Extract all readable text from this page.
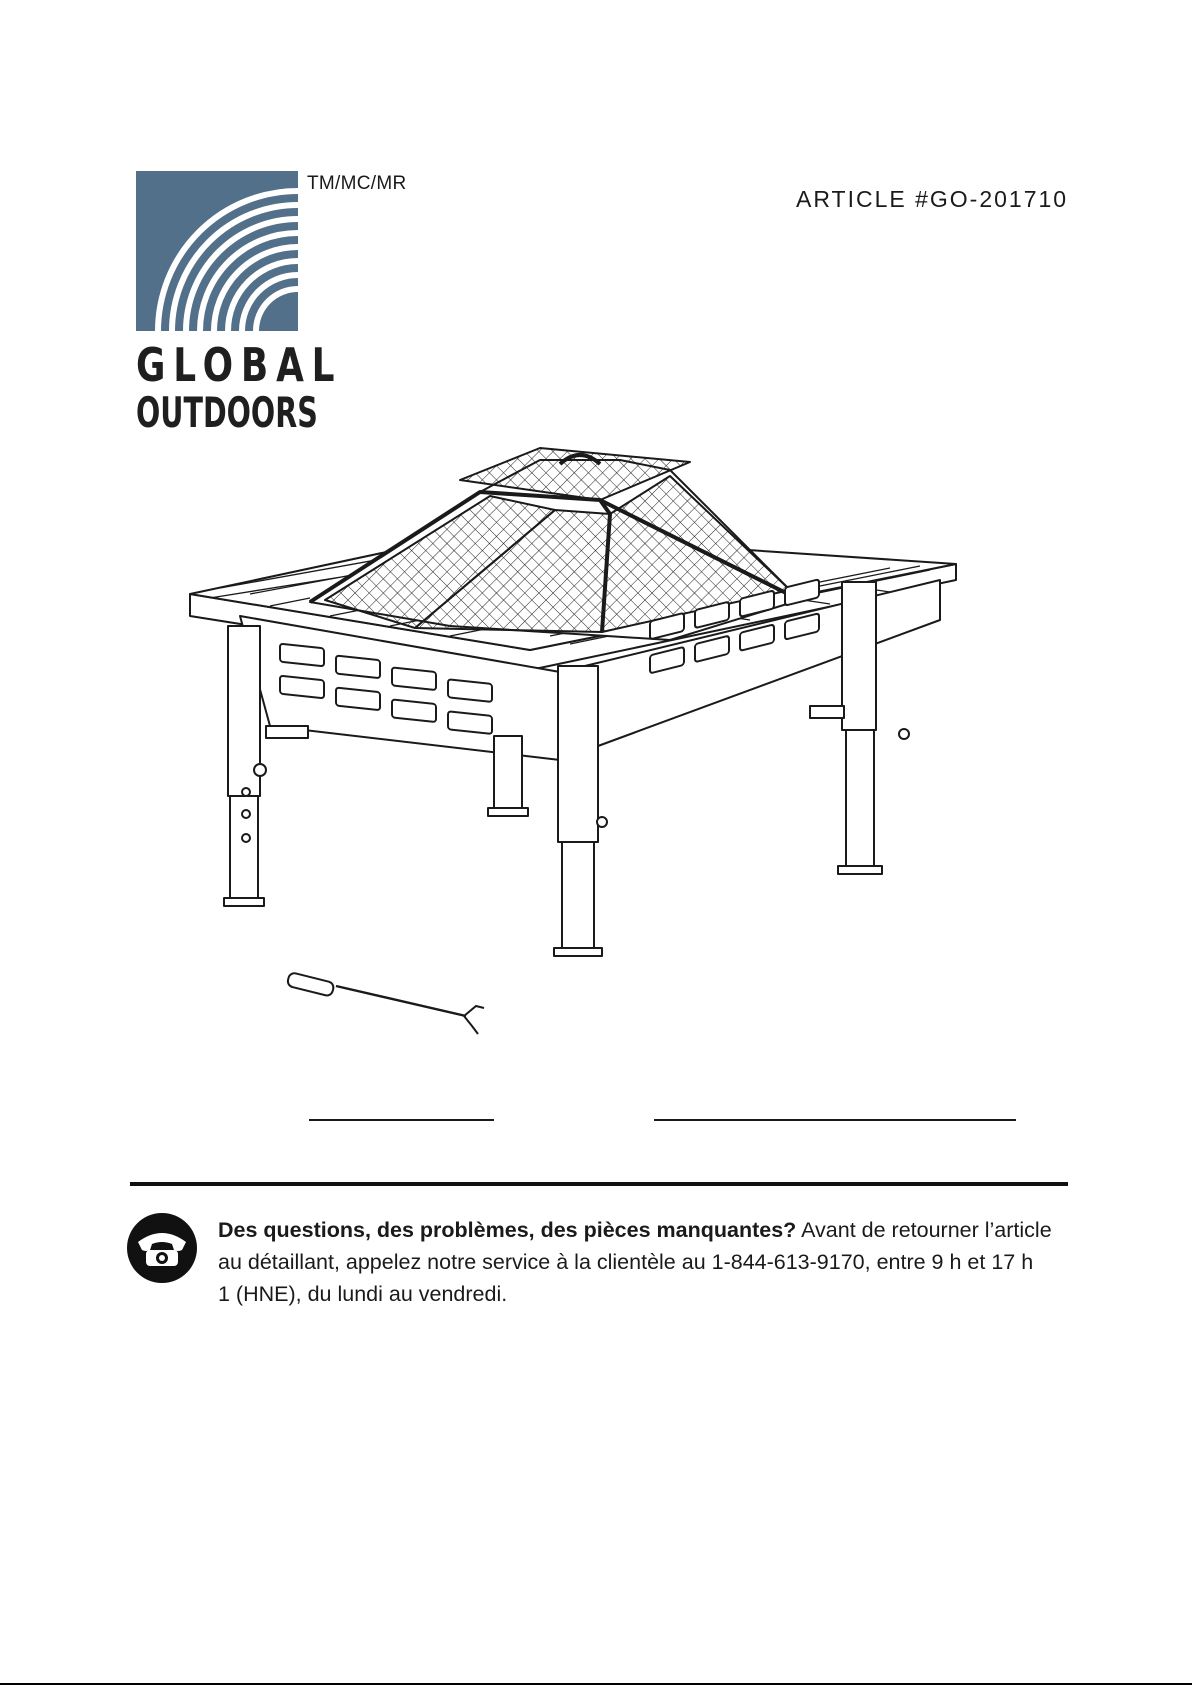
TM/MC/MR
ARTICLE #GO-201710
GLOBAL
OUTDOORS
Des questions, des problèmes, des pièces manquantes? Avant de retourner l’article
au détaillant, appelez notre service à la clientèle au 1-844-613-9170, entre 9 h et 17 h
1 (HNE), du lundi au vendredi.
